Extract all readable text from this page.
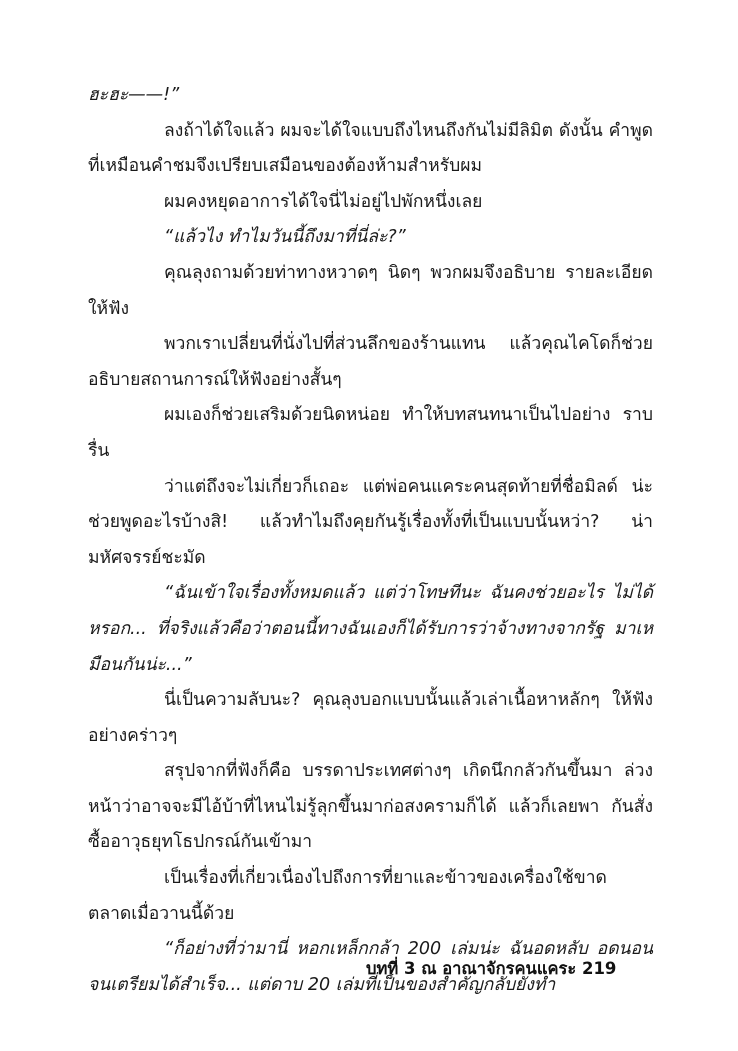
ฮะฮะ——!”

ลงถ้าได้ใจแล้ว ผมจะได้ใจแบบถึงไหนถึงกันไม่มีลิมิต ดังนั้น คำพูดที่เหมือนคำชมจึงเปรียบเสมือนของต้องห้ามสำหรับผม

ผมคงหยุดอาการได้ใจนี่ไม่อยู่ไปพักหนึ่งเลย

“แล้วไง ทำไมวันนี้ถึงมาที่นี่ล่ะ?”

คุณลุงถามด้วยท่าทางหวาดๆ นิดๆ พวกผมจึงอธิบาย รายละเอียดให้ฟัง

พวกเราเปลี่ยนที่นั่งไปที่ส่วนลึกของร้านแทน แล้วคุณไคโดก็ช่วย อธิบายสถานการณ์ให้ฟังอย่างสั้นๆ

ผมเองก็ช่วยเสริมด้วยนิดหน่อย ทำให้บทสนทนาเป็นไปอย่าง ราบรื่น

ว่าแต่ถึงจะไม่เกี่ยวก็เถอะ แต่พ่อคนแคระคนสุดท้ายที่ชื่อมิลด์ น่ะ ช่วยพูดอะไรบ้างสิ! แล้วทำไมถึงคุยกันรู้เรื่องทั้งที่เป็นแบบนั้นหว่า? น่ามหัศจรรย์ชะมัด

“ฉันเข้าใจเรื่องทั้งหมดแล้ว แต่ว่าโทษทีนะ ฉันคงช่วยอะไร ไม่ได้หรอก... ที่จริงแล้วคือว่าตอนนี้ทางฉันเองก็ได้รับการว่าจ้างทางจากรัฐ มาเหมือนกันน่ะ...”

นี่เป็นความลับนะ? คุณลุงบอกแบบนั้นแล้วเล่าเนื้อหาหลักๆ ให้ฟังอย่างคร่าวๆ

สรุปจากที่ฟังก็คือ บรรดาประเทศต่างๆ เกิดนึกกลัวกันขึ้นมา ล่วงหน้าว่าอาจจะมีไอ้บ้าที่ไหนไม่รู้ลุกขึ้นมาก่อสงครามก็ได้ แล้วก็เลยพา กันสั่งซื้ออาวุธยุทโธปกรณ์กันเข้ามา

เป็นเรื่องที่เกี่ยวเนื่องไปถึงการที่ยาและข้าวของเครื่องใช้ขาด ตลาดเมื่อวานนี้ด้วย

“ก็อย่างที่ว่ามานี่ หอกเหล็กกล้า 200 เล่มน่ะ ฉันอดหลับ อดนอนจนเตรียมได้สำเร็จ... แต่ดาบ 20 เล่มที่เป็นของสำคัญกลับยังทำ

บทที่ 3 ณ อาณาจักรคนแคระ 219
